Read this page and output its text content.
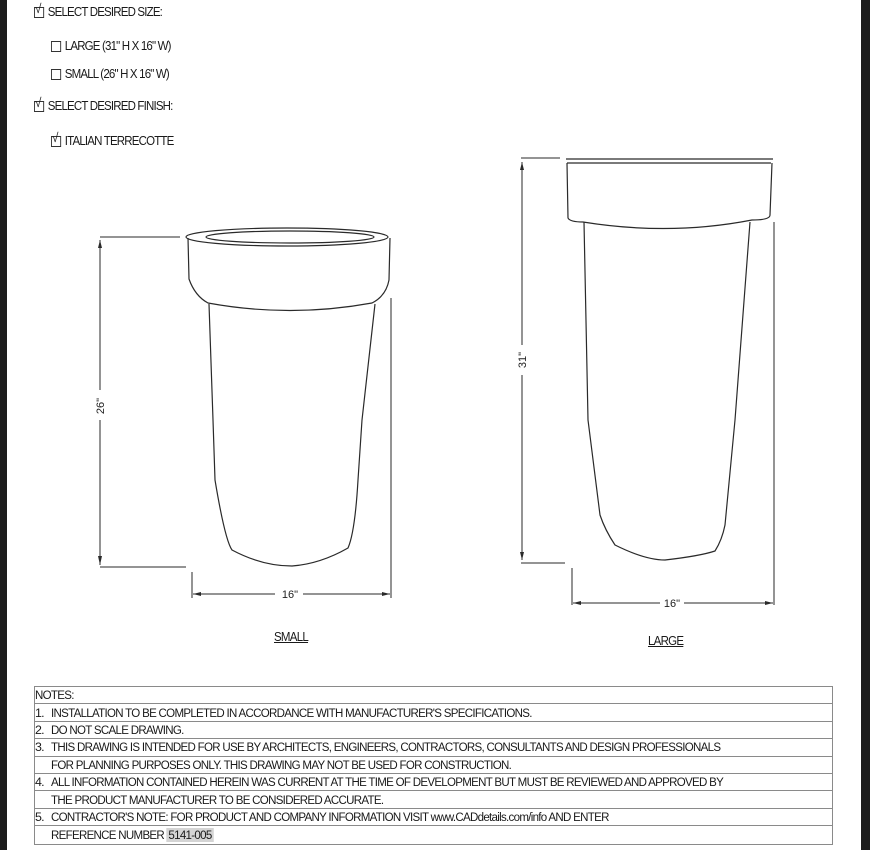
√ SELECT DESIRED SIZE:
LARGE (31" H X 16" W)
SMALL (26" H X 16" W)
√ SELECT DESIRED FINISH:
√ ITALIAN TERRECOTTE
26"
16"
31"
16"
SMALL	LARGE
NOTES:
1. INSTALLATION TO BE COMPLETED IN ACCORDANCE WITH MANUFACTURER'S SPECIFICATIONS.
2. DO NOT SCALE DRAWING.
3. THIS DRAWING IS INTENDED FOR USE BY ARCHITECTS, ENGINEERS, CONTRACTORS, CONSULTANTS AND DESIGN PROFESSIONALS
FOR PLANNING PURPOSES ONLY. THIS DRAWING MAY NOT BE USED FOR CONSTRUCTION.
4. ALL INFORMATION CONTAINED HEREIN WAS CURRENT AT THE TIME OF DEVELOPMENT BUT MUST BE REVIEWED AND APPROVED BY
THE PRODUCT MANUFACTURER TO BE CONSIDERED ACCURATE.
5. CONTRACTOR'S NOTE: FOR PRODUCT AND COMPANY INFORMATION VISIT www.CADdetails.com/info AND ENTER
REFERENCE NUMBER 5141-005
